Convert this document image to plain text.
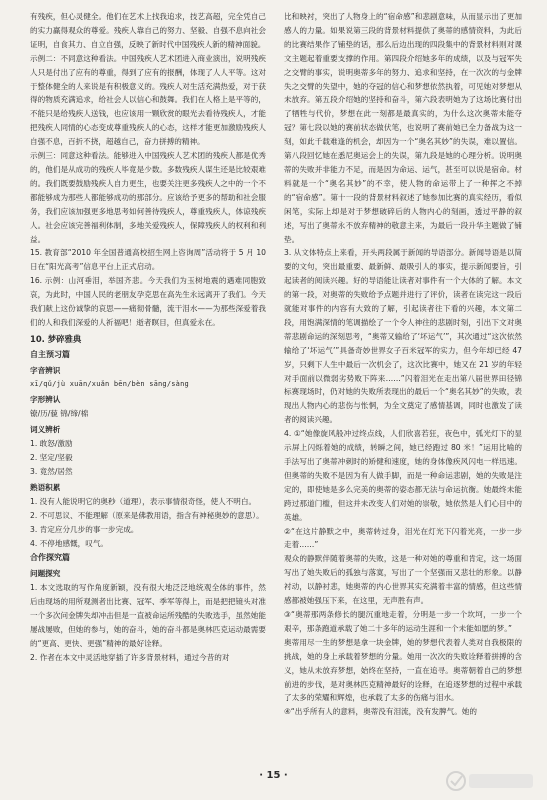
有残疾，但心灵健全。他们在艺术上找我追求，技艺高超，完全凭自己的实力赢得观众的尊爱。残疾人靠自己的努力、坚毅、自强不息向社会证明，自食其力、自立自强，反映了新时代中国残疾人新的精神面貌。

示例二：不同意这种看法。中国残疾人艺术团进入商业演出，说明残疾人只是付出了应有的尊重，得到了应有的报酬，体现了人人平等。这对于整体健全的人来说是有积极意义的。残疾人对生活充满热爱，对于获得的物质充满追求，给社会人以信心和鼓舞。我们在人格上是平等的，不能只是给残疾人送钱，也应该用一颗欣赏的眼光去看待残疾人，才能把残疾人同情的心态变成尊重残疾人的心态，这样才能更加激励残疾人自强不息，百折不挠，超越自己，奋力拼搏的精神。

示例三：同意这种看法。能够进入中国残疾人艺术团的残疾人都是优秀的，他们是从成功的残疾人毕竟是少数。多数残疾人谋生还是比较艰难的。我们既要鼓励残疾人自力更生，也要关注更多残疾人之中的一个不都能够成为那些人都能够成功的那部分。应该给予更多的帮助和社会服务，我们应该加强更多地思考如何善待残疾人，尊重残疾人，体谅残疾人。社会应该完善福利体制，多地关爱残疾人，保障残疾人的权利和利益。

15. 教育部“2010 年全国普通高校招生网上咨询周”活动将于 5 月 10 日在“阳光高考”信息平台上正式启动。

16. 示例：山河垂泪，举国齐悲。今天我们为玉树地震的遇难同胞致哀，为此时，中国人民的老朋友孕克思在高先生永远离开了我们。今天我们献上这份诚挚的哀思——痛彻骨髓，流干泪水——为那些深爱着我们的人和我们深爱的人祈福吧！逝者瞑目，但真爱永在。

10. 梦碎雅典

自主预习篇

字音辨识

xī/qǔ/jù xuān/xuǎn bēn/bèn sāng/sàng

字形辨认

镣/历/藐 锦/缔/棉

词义辨析

1. 敢怒/激励

2. 坚定/坚毅

3. 竟然/居然

熟语积累

1. 没有人能说明它的奥秒（道理），表示事情很奇怪，使人不明白。

2. 不可思议、不能理解（原来是佛教用语，指含有神秘奥妙的意思）。

3. 肯定应分几步的事一步完成。

4. 不停地感慨，叹气。

合作探究篇

问题探究

1. 本文选取的写作角度新颖，没有很大地泛泛地统观全体的事件，然后由现场的用所观测者出比赛、冠军、季军等得上，而是把把镜头对准一个多次问金牌失却冲击但是一直被命运所残酷的失败选手，虽然她能屡战屡败，但她的参与，她的奋斗，她的奋斗都是奥林匹克运动最需要的“更高、更快、更强”精神的最好诠释。

2. 作者在本文中灵活地穿插了许多背景材料，通过今昔的对

比和映衬，突出了人物身上的“宿命感”和悲剧意味，从而显示出了更加感人的力量。如果说第三段的背景材料提供了奥蒂的感情资料，为此后的比赛结果作了铺垫的话，那么后边出现的四段集中的背景材料则对课文主题起着重要支撑的作用。第四段介绍她多年的成绩，以及与冠军失之交臂的事实，说明奥蒂多年的努力、追求和坚持，在一次次的与金牌失之交臂的失望中，她的夺冠的信心和梦想依然执着，可见她对梦想从未放弃。第五段介绍她的坚持和奋斗，第六段表明她为了这场比赛付出了牺牲与代价，梦想在此一刻都是最真实的，为什么这次奥蒂未能夺冠？第七段以她的赛前状态做伏笔，也说明了赛前她已全力备战为这一刻，如此千载难逢的机会，却因为一个“奥名其妙”的失误，难以置信。第八段回忆她在悉尼奥运会上的失误，第九段是她的心理分析。说明奥蒂的失败并非能力不足，而是因为命运、运气，甚至可以说是宿命。材料就是一个“奥名其妙”的不幸，使人物的命运带上了一种挥之不掉的“宿命感”。第十一段的背景材料叙述了她参加比赛的真实经历，看似闲笔，实际上却是对于梦想破碎后的人物内心的刻画，透过平静的叙述，写出了奥蒂永不放弃精神的敬意主来，为最后一段升华主题做了铺垫。

3. 从文体特点上来看，开头两段属于新闻的导语部分。新闻导语是以简要的文句，突出最重要、最新鲜、最吸引人的事实，提示新闻要旨，引起读者的阅读兴趣。好的导语能让读者对事件有一个大体的了解。本文的第一段，对奥蒂的失败给予点题并进行了评价，读者在读完这一段后就能对事件的内容有大致的了解，引起读者往下看的兴趣，本文第二段，用饱满深情的笔调描绘了一个令人神往的悲剧时刻，引出下文对奥蒂悲剧命运的深刻思考，“奥蒂又输给了‘坏运气’”，其次通过“这次依然输给了‘坏运气’”具备奇妙世界女子百米冠军的实力，但今年却已经 47 岁，只剩下人生中最后一次机会了，这次比赛中，她又在 21 岁的年轻对手面前以微弱劣势败下阵来……”闪着泪光在走出第八届世界田径锦标赛现场时，仍对她的失败所表现出的最后一个“奥名其妙”的失败，表现出人物内心的悲伤与怅惘，为全文奠定了感情基调，同时也激发了读者的阅读兴趣。

4. ①“她像旋风般冲过终点线，人们欣喜若狂，夜色中，弧光灯下的显示屏上闪烁着她的成绩，转瞬之间，她已经跑过 80 米！”运用比喻的手法写出了奥蒂冲刺时的矫健和速度，她的身体像疾风闪电一样迅速。但奥蒂的失败不是因为有人做手脚，而是一种命运悲剧，她的失败是注定的，即使她是多么完美的奥蒂的姿态都无法与命运抗衡。她最终未能跨过那道门槛，但这并未改变人们对她的崇敬，她依然是人们心目中的英雄。

②“在这片静默之中，奥蒂转过身，泪光在灯光下闪着光亮，一步一步走着……”

观众的静默伴随着奥蒂的失败，这是一种对她的尊重和肯定，这一场面写出了她失败后的孤独与落寞，写出了一个坚强而又悲壮的形象。以静衬动，以静衬悲，她奥蒂的内心世界其实充满着丰富的情感，但这些情感都被她强压下来，在这里，无声胜有声。

③“奥蒂那两条修长的腿沉重地走着，分明是一步一个坎坷，一步一个艰辛，那条跑道承载了她二十多年的运动生涯和一个未能如愿的梦。”

奥蒂用尽一生的梦想是拿一块金牌，她的梦想代表着人类对自我极限的挑战，她的身上承载着梦想的分量。她用一次次的失败诠释着拼搏的含义，她从未放弃梦想，始终在坚持，一直在追寻。奥蒂朝着自己的梦想前进的步伐，是对奥林匹克精神最好的诠释，在追逐梦想的过程中承载了太多的荣耀和辉煌，也承载了太多的伤痛与泪水。

④“出乎所有人的意料，奥蒂没有泪流，没有发脾气。她的

· 15 ·
